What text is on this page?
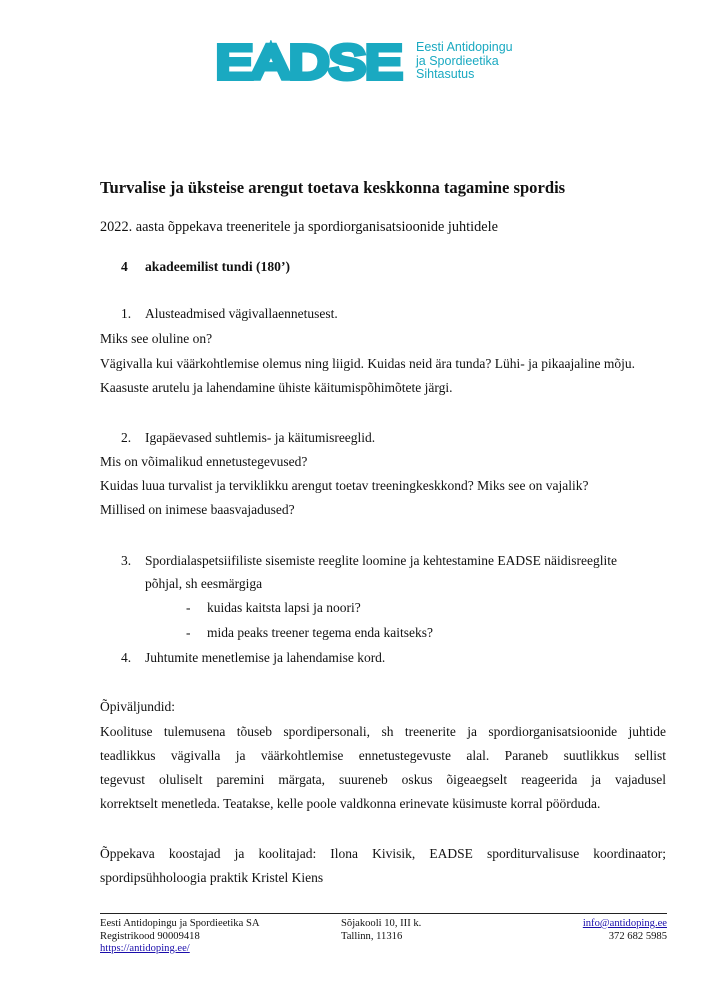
EADSE Eesti Antidopingu
ja Spordieetika
Sihtasutus
Turvalise ja üksteise arengut toetava keskkonna tagamine spordis
2022. aasta õppekava treeneritele ja spordiorganisatsioonide juhtidele
4 akadeemilist tundi (180’)
1. Alusteadmised vägivallaennetusest.
Miks see oluline on?
Vägivalla kui väärkohtlemise olemus ning liigid. Kuidas neid ära tunda? Lühi- ja pikaajaline mõju.
Kaasuste arutelu ja lahendamine ühiste käitumispõhimõtete järgi.
2. Igapäevased suhtlemis- ja käitumisreeglid.
Mis on võimalikud ennetustegevused?
Kuidas luua turvalist ja terviklikku arengut toetav treeningkeskkond? Miks see on vajalik?
Millised on inimese baasvajadused?
3. Spordialaspetsiifiliste sisemiste reeglite loomine ja kehtestamine EADSE näidisreeglite
põhjal, sh eesmärgiga
- kuidas kaitsta lapsi ja noori?
- mida peaks treener tegema enda kaitseks?
4. Juhtumite menetlemise ja lahendamise kord.
Õpiväljundid:
Koolituse tulemusena tõuseb spordipersonali, sh treenerite ja spordiorganisatsioonide juhtide
teadlikkus vägivalla ja väärkohtlemise ennetustegevuste alal. Paraneb suutlikkus sellist
tegevust oluliselt paremini märgata, suureneb oskus õigeaegselt reageerida ja vajadusel
korrektselt menetleda. Teatakse, kelle poole valdkonna erinevate küsimuste korral pöörduda.
Õppekava koostajad ja koolitajad: Ilona Kivisik, EADSE sporditurvalisuse koordinaator;
spordipsühholoogia praktik Kristel Kiens
Eesti Antidopingu ja Spordieetika SA
Registrikood 90009418
https://antidoping.ee/
Sõjakooli 10, III k.
Tallinn, 11316
info@antidoping.ee
372 682 5985
